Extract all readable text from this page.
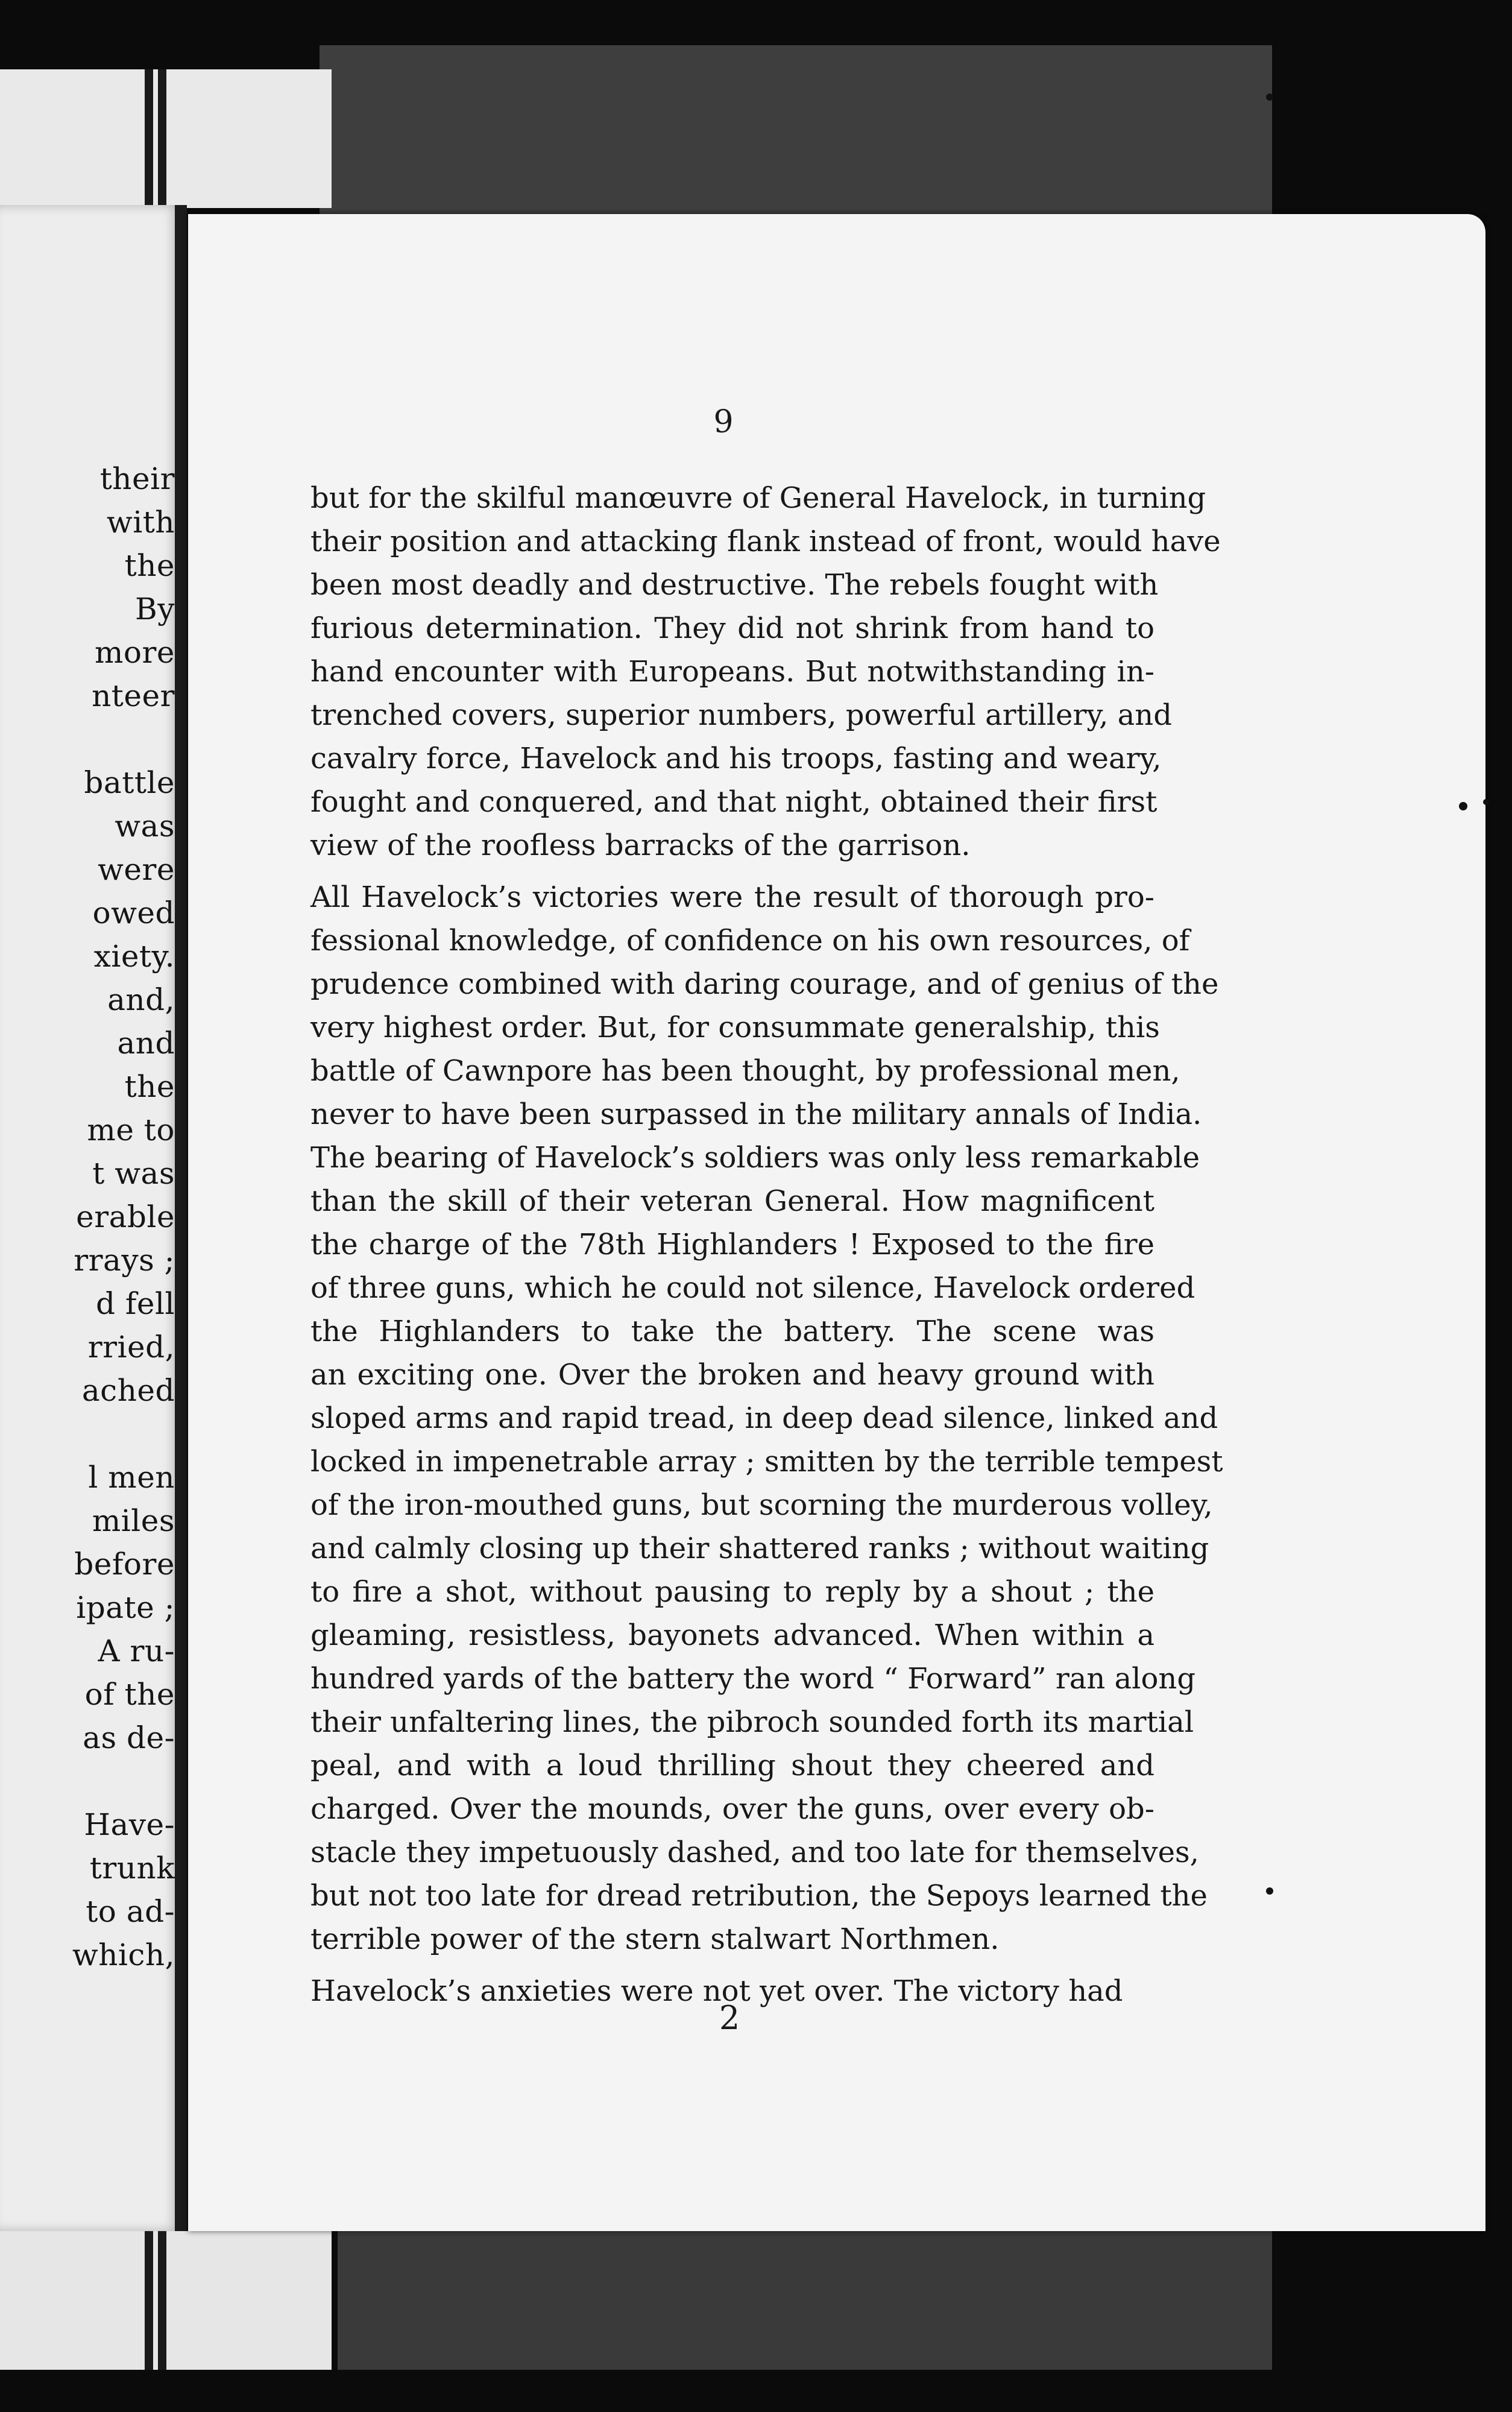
their
with
the
By
more
nteer
battle
was
were
owed
xiety.
and,
and
the
me to
t was
erable
rrays ;
d fell
rried,
ached
l men
miles
before
ipate ;
A ru-
of the
as de-
Have-
trunk
to ad-
which,
9
but for the skilful manœuvre of General Havelock, in turning
their position and attacking flank instead of front, would have
been most deadly and destructive. The rebels fought with
furious determination. They did not shrink from hand to
hand encounter with Europeans. But notwithstanding in-
trenched covers, superior numbers, powerful artillery, and
cavalry force, Havelock and his troops, fasting and weary,
fought and conquered, and that night, obtained their first
view of the roofless barracks of the garrison.
All Havelock’s victories were the result of thorough pro-
fessional knowledge, of confidence on his own resources, of
prudence combined with daring courage, and of genius of the
very highest order. But, for consummate generalship, this
battle of Cawnpore has been thought, by professional men,
never to have been surpassed in the military annals of India.
The bearing of Havelock’s soldiers was only less remarkable
than the skill of their veteran General. How magnificent
the charge of the 78th Highlanders ! Exposed to the fire
of three guns, which he could not silence, Havelock ordered
the Highlanders to take the battery. The scene was
an exciting one. Over the broken and heavy ground with
sloped arms and rapid tread, in deep dead silence, linked and
locked in impenetrable array ; smitten by the terrible tempest
of the iron-mouthed guns, but scorning the murderous volley,
and calmly closing up their shattered ranks ; without waiting
to fire a shot, without pausing to reply by a shout ; the
gleaming, resistless, bayonets advanced. When within a
hundred yards of the battery the word “ Forward” ran along
their unfaltering lines, the pibroch sounded forth its martial
peal, and with a loud thrilling shout they cheered and
charged. Over the mounds, over the guns, over every ob-
stacle they impetuously dashed, and too late for themselves,
but not too late for dread retribution, the Sepoys learned the
terrible power of the stern stalwart Northmen.
Havelock’s anxieties were not yet over. The victory had
2
